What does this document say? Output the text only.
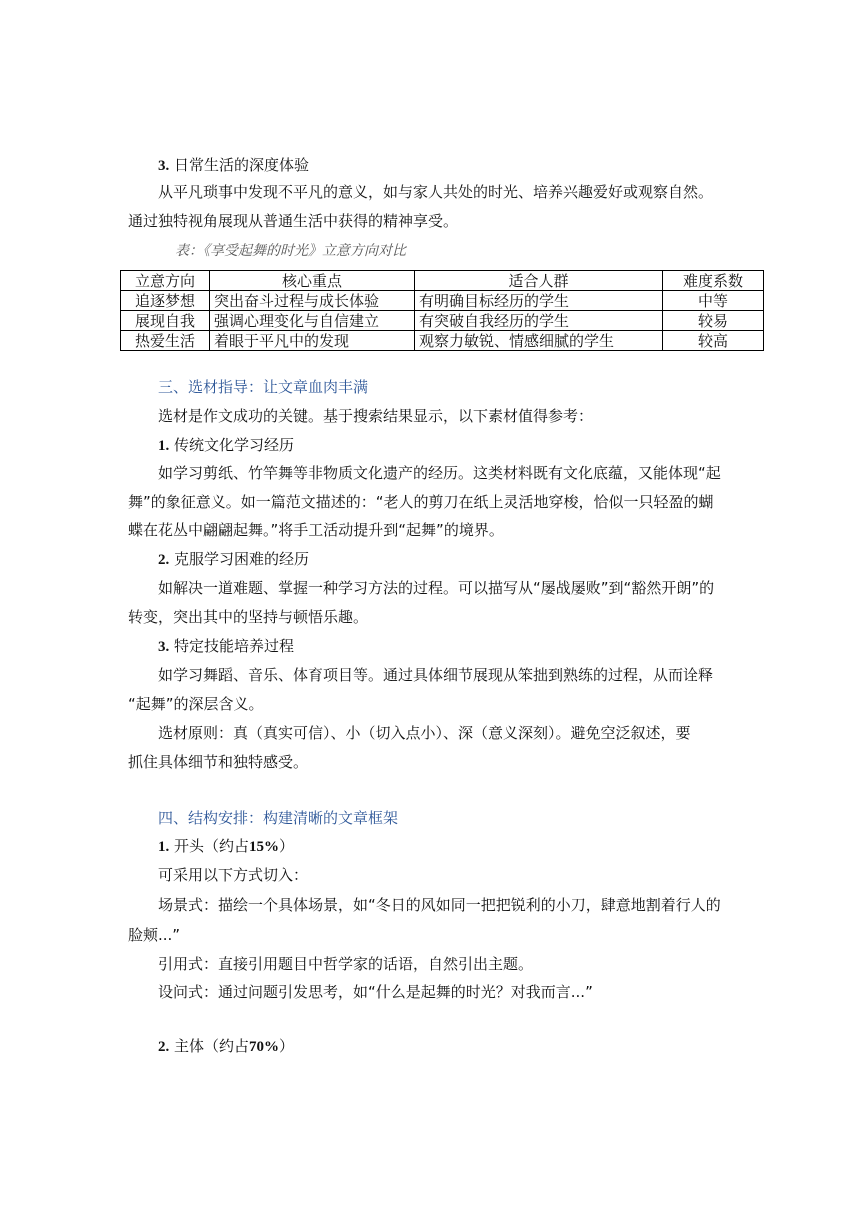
3. 日常生活的深度体验
从平凡琐事中发现不平凡的意义，如与家人共处的时光、培养兴趣爱好或观察自然。
通过独特视角展现从普通生活中获得的精神享受。
表：《享受起舞的时光》立意方向对比
立意方向	核心重点	适合人群	难度系数
追逐梦想	突出奋斗过程与成长体验	有明确目标经历的学生	中等
展现自我	强调心理变化与自信建立	有突破自我经历的学生	较易
热爱生活	着眼于平凡中的发现	观察力敏锐、情感细腻的学生	较高
三、选材指导：让文章血肉丰满
选材是作文成功的关键。基于搜索结果显示，以下素材值得参考：
1. 传统文化学习经历
如学习剪纸、竹竿舞等非物质文化遗产的经历。这类材料既有文化底蕴，又能体现“起
舞”的象征意义。如一篇范文描述的：“老人的剪刀在纸上灵活地穿梭，恰似一只轻盈的蝴
蝶在花丛中翩翩起舞。”将手工活动提升到“起舞”的境界。
2. 克服学习困难的经历
如解决一道难题、掌握一种学习方法的过程。可以描写从“屡战屡败”到“豁然开朗”的
转变，突出其中的坚持与顿悟乐趣。
3. 特定技能培养过程
如学习舞蹈、音乐、体育项目等。通过具体细节展现从笨拙到熟练的过程，从而诠释
“起舞”的深层含义。
选材原则：真（真实可信）、小（切入点小）、深（意义深刻）。避免空泛叙述，要
抓住具体细节和独特感受。
四、结构安排：构建清晰的文章框架
1. 开头（约占15%）
可采用以下方式切入：
场景式：描绘一个具体场景，如“冬日的风如同一把把锐利的小刀，肆意地割着行人的
脸颊...”
引用式：直接引用题目中哲学家的话语，自然引出主题。
设问式：通过问题引发思考，如“什么是起舞的时光？对我而言...”
2. 主体（约占70%）
